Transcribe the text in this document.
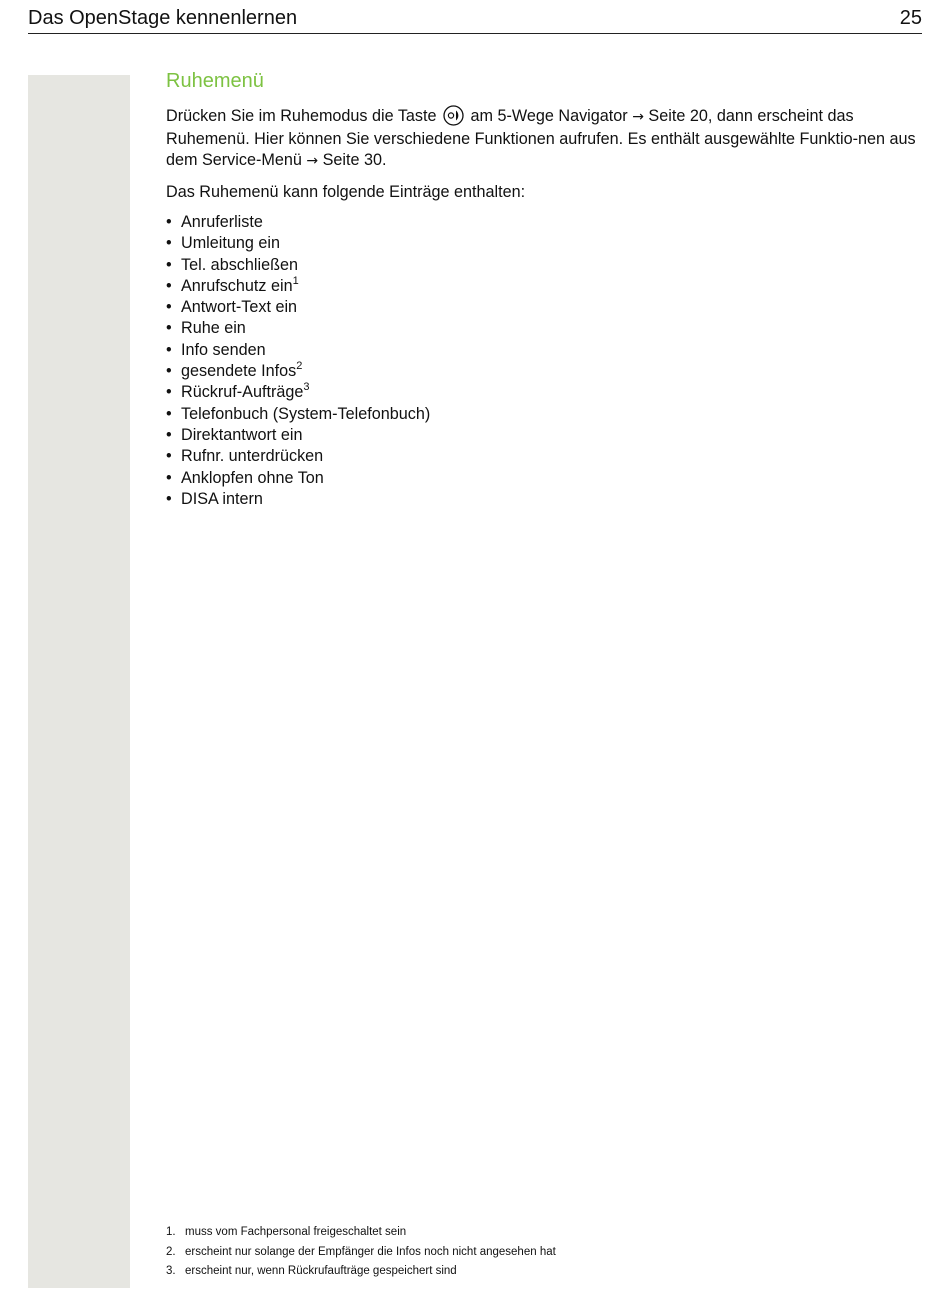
Das OpenStage kennenlernen	25
Ruhemenü

Drücken Sie im Ruhemodus die Taste am 5-Wege Navigator → Seite 20, dann erscheint das Ruhemenü. Hier können Sie verschiedene Funktionen aufrufen. Es enthält ausgewählte Funktio-nen aus dem Service-Menü → Seite 30.

Das Ruhemenü kann folgende Einträge enthalten:

• Anruferliste
• Umleitung ein
• Tel. abschließen
• Anrufschutz ein$^1$
• Antwort-Text ein
• Ruhe ein
• Info senden
• gesendete Infos$^2$
• Rückruf-Aufträge$^3$
• Telefonbuch (System-Telefonbuch)
• Direktantwort ein
• Rufnr. unterdrücken
• Anklopfen ohne Ton
• DISA intern
1. muss vom Fachpersonal freigeschaltet sein
2. erscheint nur solange der Empfänger die Infos noch nicht angesehen hat
3. erscheint nur, wenn Rückrufaufträge gespeichert sind
